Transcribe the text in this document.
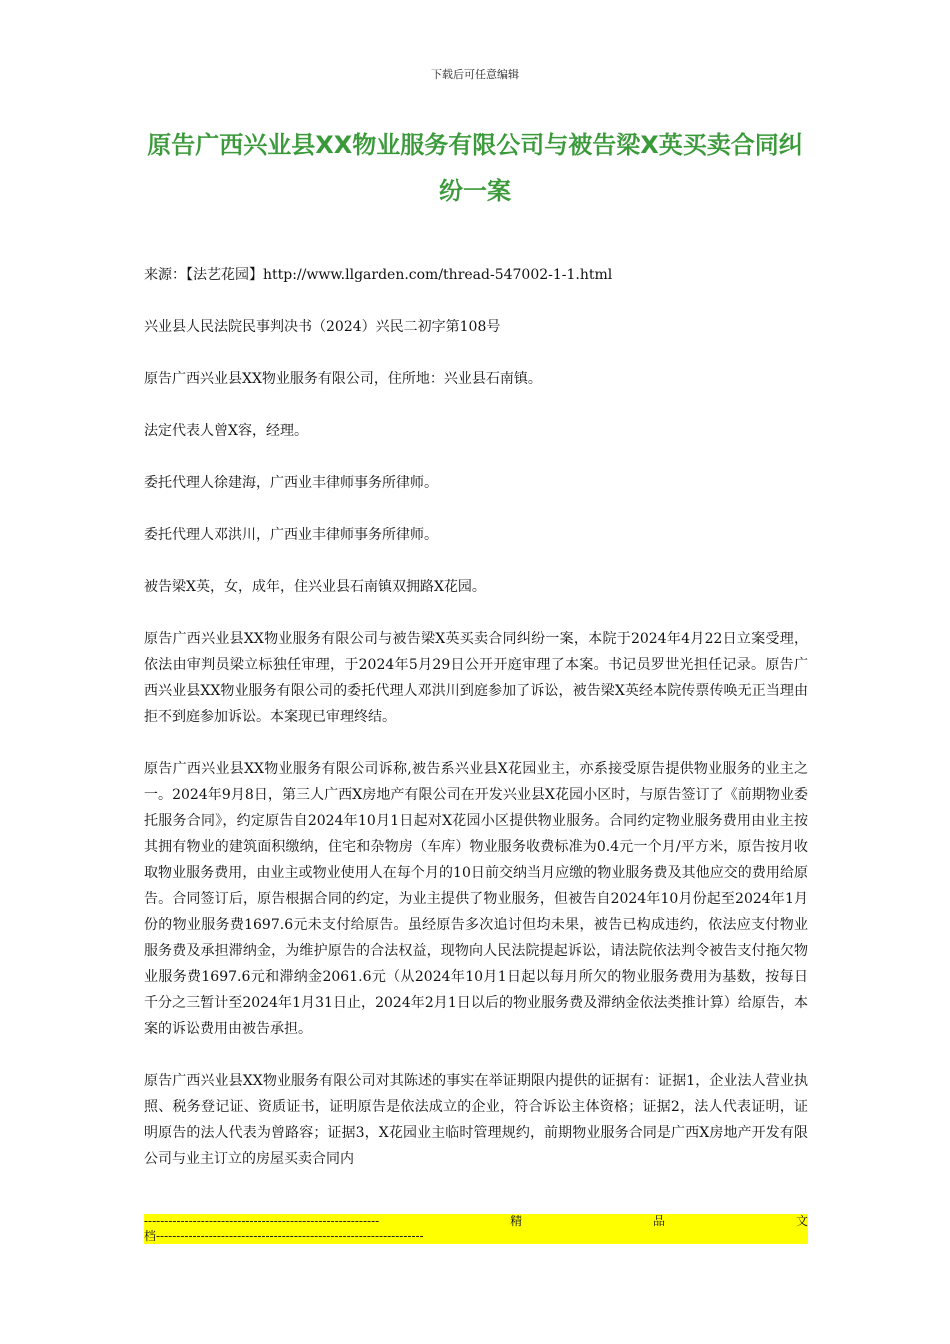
下载后可任意编辑
原告广西兴业县XX物业服务有限公司与被告梁X英买卖合同纠纷一案

来源：【法艺花园】http://www.llgarden.com/thread-547002-1-1.html

兴业县人民法院民事判决书（2024）兴民二初字第108号

原告广西兴业县XX物业服务有限公司，住所地：兴业县石南镇。

法定代表人曾X容，经理。

委托代理人徐建海，广西业丰律师事务所律师。

委托代理人邓洪川，广西业丰律师事务所律师。

被告梁X英，女，成年，住兴业县石南镇双拥路X花园。

原告广西兴业县XX物业服务有限公司与被告梁X英买卖合同纠纷一案，本院于2024年4月22日立案受理，依法由审判员梁立标独任审理，于2024年5月29日公开开庭审理了本案。书记员罗世光担任记录。原告广西兴业县XX物业服务有限公司的委托代理人邓洪川到庭参加了诉讼，被告梁X英经本院传票传唤无正当理由拒不到庭参加诉讼。本案现已审理终结。

原告广西兴业县XX物业服务有限公司诉称,被告系兴业县X花园业主，亦系接受原告提供物业服务的业主之一。2024年9月8日，第三人广西X房地产有限公司在开发兴业县X花园小区时，与原告签订了《前期物业委托服务合同》，约定原告自2024年10月1日起对X花园小区提供物业服务。合同约定物业服务费用由业主按其拥有物业的建筑面积缴纳，住宅和杂物房（车库）物业服务收费标准为0.4元一个月/平方米，原告按月收取物业服务费用，由业主或物业使用人在每个月的10日前交纳当月应缴的物业服务费及其他应交的费用给原告。合同签订后，原告根据合同的约定，为业主提供了物业服务，但被告自2024年10月份起至2024年1月份的物业服务费1697.6元未支付给原告。虽经原告多次追讨但均未果，被告已构成违约，依法应支付物业服务费及承担滞纳金，为维护原告的合法权益，现物向人民法院提起诉讼，请法院依法判令被告支付拖欠物业服务费1697.6元和滞纳金2061.6元（从2024年10月1日起以每月所欠的物业服务费用为基数，按每日千分之三暂计至2024年1月31日止，2024年2月1日以后的物业服务费及滞纳金依法类推计算）给原告，本案的诉讼费用由被告承担。

原告广西兴业县XX物业服务有限公司对其陈述的事实在举证期限内提供的证据有：证据1，企业法人营业执照、税务登记证、资质证书，证明原告是依法成立的企业，符合诉讼主体资格；证据2，法人代表证明，证明原告的法人代表为曾路容；证据3，X花园业主临时管理规约，前期物业服务合同是广西X房地产开发有限公司与业主订立的房屋买卖合同内

----------------------------------------------------------	精	品	文
档------------------------------------------------------------------
